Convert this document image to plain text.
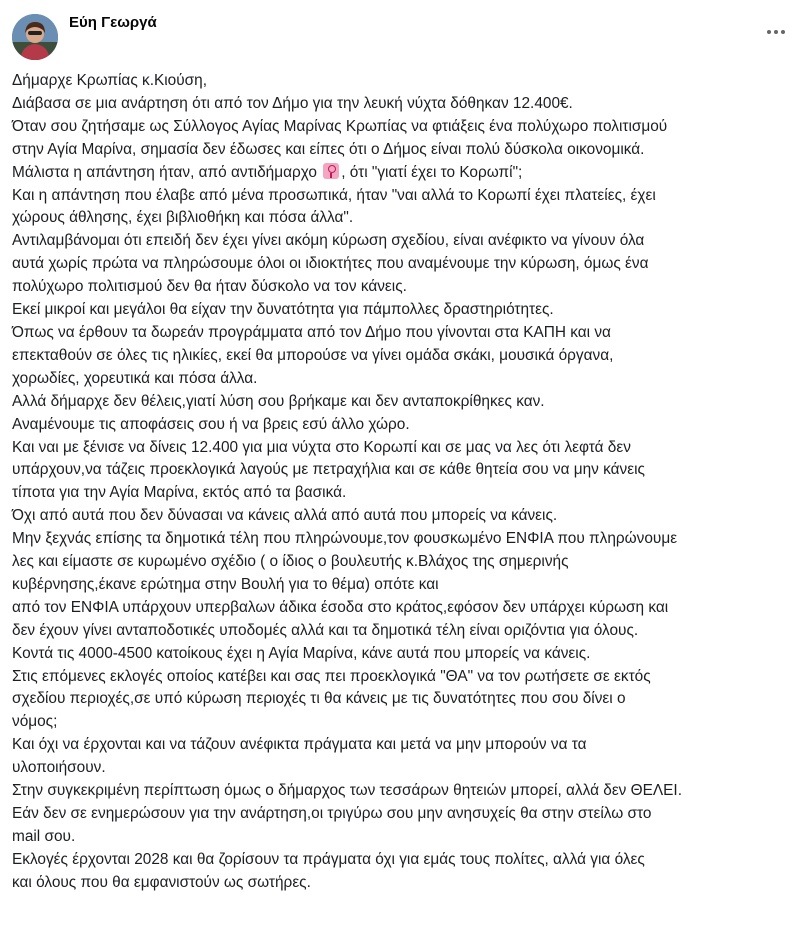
Εύη Γεωργά
Δήμαρχε Κρωπίας κ.Κιούση,
Διάβασα σε μια ανάρτηση ότι από τον Δήμο για την λευκή νύχτα δόθηκαν 12.400€.
Όταν σου ζητήσαμε ως Σύλλογος Αγίας Μαρίνας Κρωπίας να φτιάξεις ένα πολύχωρο πολιτισμού
στην Αγία Μαρίνα, σημασία δεν έδωσες και είπες ότι ο Δήμος είναι πολύ δύσκολα οικονομικά.
Μάλιστα η απάντηση ήταν, από αντιδήμαρχο , ότι "γιατί έχει το Κορωπί";
Και η απάντηση που έλαβε από μένα προσωπικά, ήταν "ναι αλλά το Κορωπί έχει πλατείες, έχει
χώρους άθλησης, έχει βιβλιοθήκη και πόσα άλλα".
Αντιλαμβάνομαι ότι επειδή δεν έχει γίνει ακόμη κύρωση σχεδίου, είναι ανέφικτο να γίνουν όλα
αυτά χωρίς πρώτα να πληρώσουμε όλοι οι ιδιοκτήτες που αναμένουμε την κύρωση, όμως ένα
πολύχωρο πολιτισμού δεν θα ήταν δύσκολο να τον κάνεις.
Εκεί μικροί και μεγάλοι θα είχαν την δυνατότητα για πάμπολλες δραστηριότητες.
Όπως να έρθουν τα δωρεάν προγράμματα από τον Δήμο που γίνονται στα ΚΑΠΗ και να
επεκταθούν σε όλες τις ηλικίες, εκεί θα μπορούσε να γίνει ομάδα σκάκι, μουσικά όργανα,
χορωδίες, χορευτικά και πόσα άλλα.
Αλλά δήμαρχε δεν θέλεις,γιατί λύση σου βρήκαμε και δεν ανταποκρίθηκες καν.
Αναμένουμε τις αποφάσεις σου ή να βρεις εσύ άλλο χώρο.
Και ναι με ξένισε να δίνεις 12.400 για μια νύχτα στο Κορωπί και σε μας να λες ότι λεφτά δεν
υπάρχουν,να τάζεις προεκλογικά λαγούς με πετραχήλια και σε κάθε θητεία σου να μην κάνεις
τίποτα για την Αγία Μαρίνα, εκτός από τα βασικά.
Όχι από αυτά που δεν δύνασαι να κάνεις αλλά από αυτά που μπορείς να κάνεις.
Μην ξεχνάς επίσης τα δημοτικά τέλη που πληρώνουμε,τον φουσκωμένο ΕΝΦΙΑ που πληρώνουμε
λες και είμαστε σε κυρωμένο σχέδιο ( ο ίδιος ο βουλευτής κ.Βλάχος της σημερινής
κυβέρνησης,έκανε ερώτημα στην Βουλή για το θέμα) οπότε και
από τον ΕΝΦΙΑ υπάρχουν υπερβαλων άδικα έσοδα στο κράτος,εφόσον δεν υπάρχει κύρωση και
δεν έχουν γίνει ανταποδοτικές υποδομές αλλά και τα δημοτικά τέλη είναι οριζόντια για όλους.
Κοντά τις 4000-4500 κατοίκους έχει η Αγία Μαρίνα, κάνε αυτά που μπορείς να κάνεις.
Στις επόμενες εκλογές οποίος κατέβει και σας πει προεκλογικά "ΘΑ" να τον ρωτήσετε σε εκτός
σχεδίου περιοχές,σε υπό κύρωση περιοχές τι θα κάνεις με τις δυνατότητες που σου δίνει ο
νόμος;
Και όχι να έρχονται και να τάζουν ανέφικτα πράγματα και μετά να μην μπορούν να τα
υλοποιήσουν.
Στην συγκεκριμένη περίπτωση όμως ο δήμαρχος των τεσσάρων θητειών μπορεί, αλλά δεν ΘΕΛΕΙ.
Εάν δεν σε ενημερώσουν για την ανάρτηση,οι τριγύρω σου μην ανησυχείς θα στην στείλω στο
mail σου.
Εκλογές έρχονται 2028 και θα ζορίσουν τα πράγματα όχι για εμάς τους πολίτες, αλλά για όλες
και όλους που θα εμφανιστούν ως σωτήρες.
